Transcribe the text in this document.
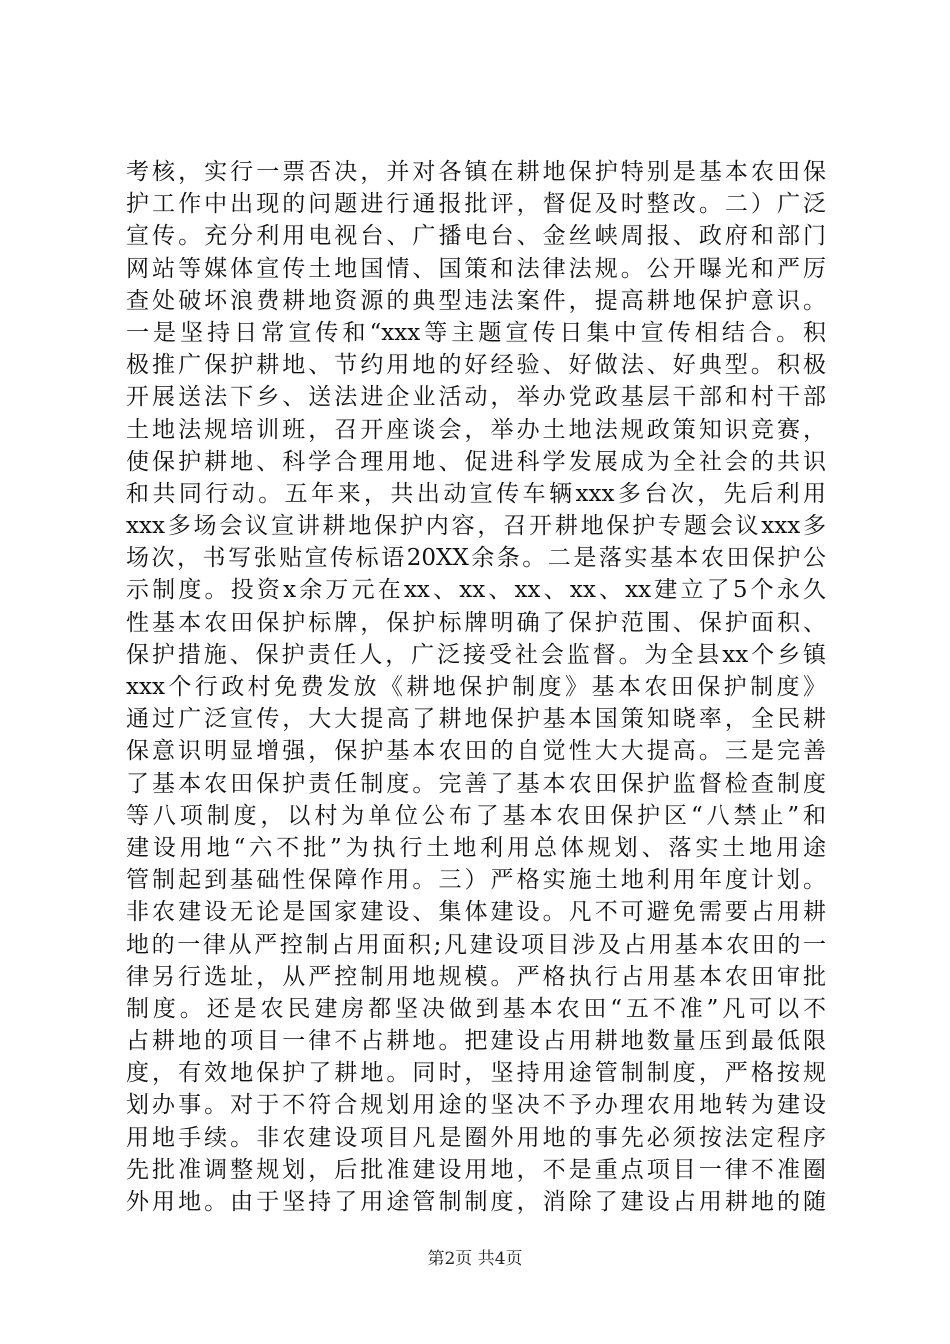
考核，实行一票否决，并对各镇在耕地保护特别是基本农田保
护工作中出现的问题进行通报批评，督促及时整改。二）广泛
宣传。充分利用电视台、广播电台、金丝峡周报、政府和部门
网站等媒体宣传土地国情、国策和法律法规。公开曝光和严厉
查处破坏浪费耕地资源的典型违法案件，提高耕地保护意识。
一是坚持日常宣传和“xxx等主题宣传日集中宣传相结合。积
极推广保护耕地、节约用地的好经验、好做法、好典型。积极
开展送法下乡、送法进企业活动，举办党政基层干部和村干部
土地法规培训班，召开座谈会，举办土地法规政策知识竞赛，
使保护耕地、科学合理用地、促进科学发展成为全社会的共识
和共同行动。五年来，共出动宣传车辆xxx多台次，先后利用
xxx多场会议宣讲耕地保护内容，召开耕地保护专题会议xxx多
场次，书写张贴宣传标语20XX余条。二是落实基本农田保护公
示制度。投资x余万元在xx、xx、xx、xx、xx建立了5个永久
性基本农田保护标牌，保护标牌明确了保护范围、保护面积、
保护措施、保护责任人，广泛接受社会监督。为全县xx个乡镇
xxx个行政村免费发放《耕地保护制度》基本农田保护制度》
通过广泛宣传，大大提高了耕地保护基本国策知晓率，全民耕
保意识明显增强，保护基本农田的自觉性大大提高。三是完善
了基本农田保护责任制度。完善了基本农田保护监督检查制度
等八项制度，以村为单位公布了基本农田保护区“八禁止”和
建设用地“六不批”为执行土地利用总体规划、落实土地用途
管制起到基础性保障作用。三）严格实施土地利用年度计划。
非农建设无论是国家建设、集体建设。凡不可避免需要占用耕
地的一律从严控制占用面积;凡建设项目涉及占用基本农田的一
律另行选址，从严控制用地规模。严格执行占用基本农田审批
制度。还是农民建房都坚决做到基本农田“五不准”凡可以不
占耕地的项目一律不占耕地。把建设占用耕地数量压到最低限
度，有效地保护了耕地。同时，坚持用途管制制度，严格按规
划办事。对于不符合规划用途的坚决不予办理农用地转为建设
用地手续。非农建设项目凡是圈外用地的事先必须按法定程序
先批准调整规划，后批准建设用地，不是重点项目一律不准圈
外用地。由于坚持了用途管制制度，消除了建设占用耕地的随
第2页 共4页
